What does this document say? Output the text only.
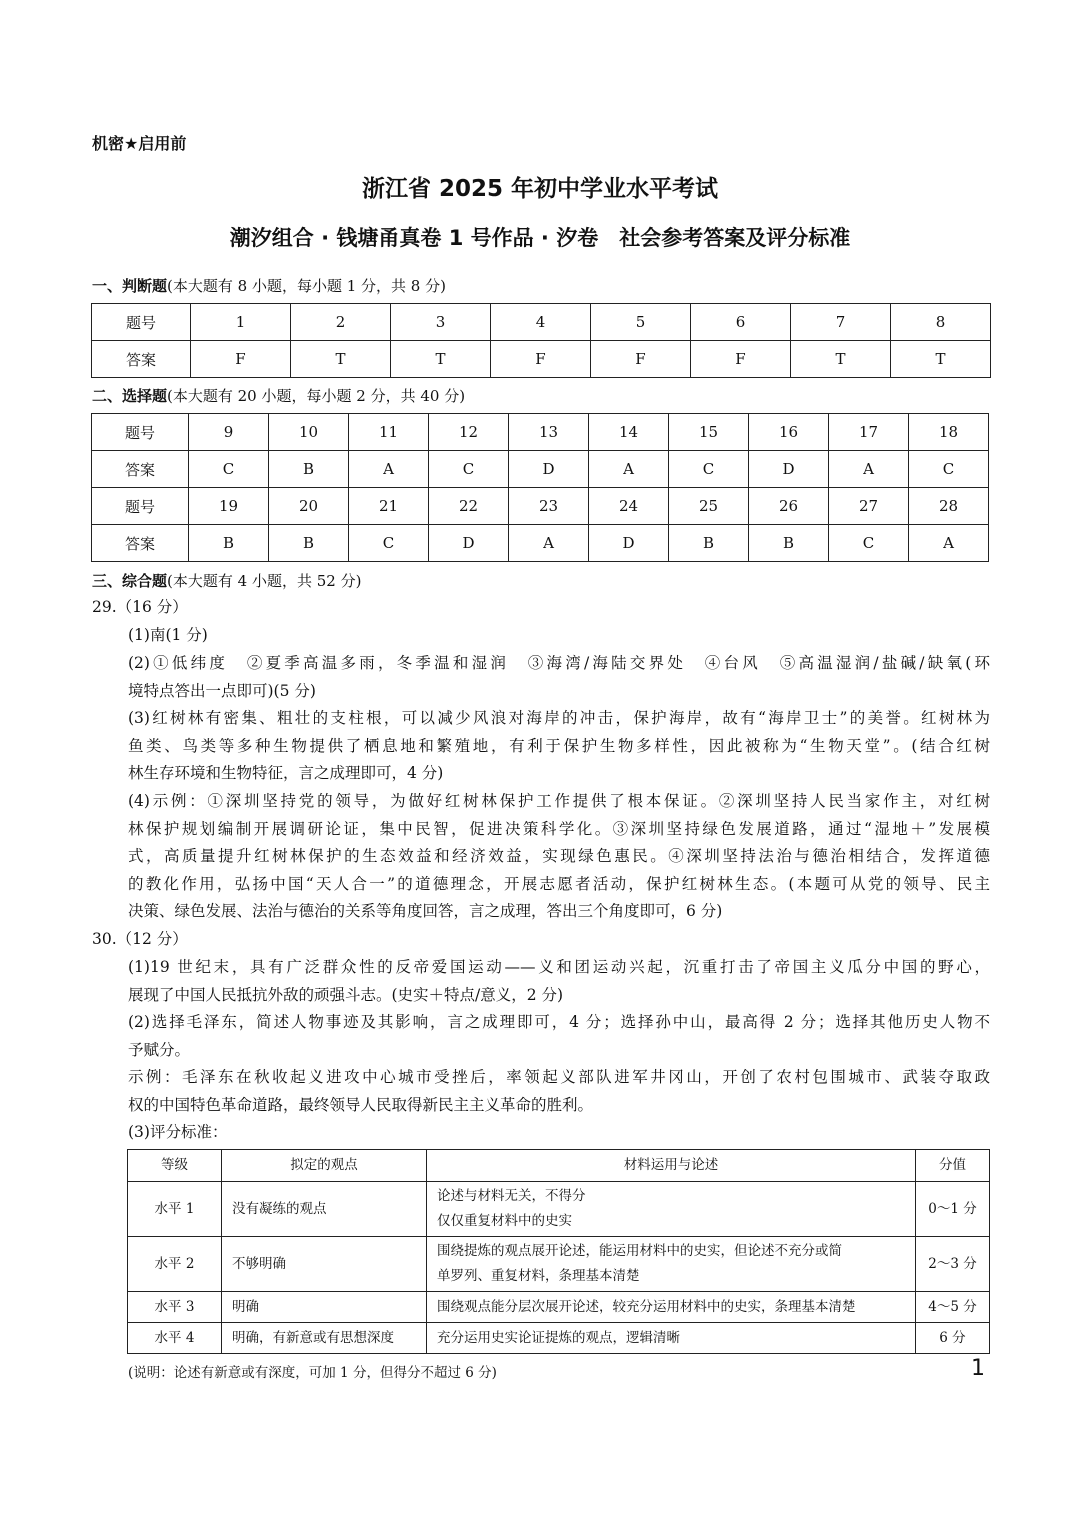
机密★启用前
浙江省 2025 年初中学业水平考试
潮汐组合 · 钱塘甬真卷 1 号作品 · 汐卷　社会参考答案及评分标准
一、判断题(本大题有 8 小题，每小题 1 分，共 8 分)
题号	1	2	3	4	5	6	7	8
答案	F	T	T	F	F	F	T	T
二、选择题(本大题有 20 小题，每小题 2 分，共 40 分)
题号	9	10	11	12	13	14	15	16	17	18
答案	C	B	A	C	D	A	C	D	A	C
题号	19	20	21	22	23	24	25	26	27	28
答案	B	B	C	D	A	D	B	B	C	A
三、综合题(本大题有 4 小题，共 52 分)
29.（16 分）
(1)南(1 分)
(2)①低纬度　②夏季高温多雨，冬季温和湿润　③海湾/海陆交界处　④台风　⑤高温湿润/盐碱/缺氧(环
境特点答出一点即可)(5 分)
(3)红树林有密集、粗壮的支柱根，可以减少风浪对海岸的冲击，保护海岸，故有“海岸卫士”的美誉。红树林为
鱼类、鸟类等多种生物提供了栖息地和繁殖地，有利于保护生物多样性，因此被称为“生物天堂”。(结合红树
林生存环境和生物特征，言之成理即可，4 分)
(4)示例：①深圳坚持党的领导，为做好红树林保护工作提供了根本保证。②深圳坚持人民当家作主，对红树
林保护规划编制开展调研论证，集中民智，促进决策科学化。③深圳坚持绿色发展道路，通过“湿地＋”发展模
式，高质量提升红树林保护的生态效益和经济效益，实现绿色惠民。④深圳坚持法治与德治相结合，发挥道德
的教化作用，弘扬中国“天人合一”的道德理念，开展志愿者活动，保护红树林生态。(本题可从党的领导、民主
决策、绿色发展、法治与德治的关系等角度回答，言之成理，答出三个角度即可，6 分)
30.（12 分）
(1)19 世纪末，具有广泛群众性的反帝爱国运动——义和团运动兴起，沉重打击了帝国主义瓜分中国的野心，
展现了中国人民抵抗外敌的顽强斗志。(史实＋特点/意义，2 分)
(2)选择毛泽东，简述人物事迹及其影响，言之成理即可，4 分；选择孙中山，最高得 2 分；选择其他历史人物不
予赋分。
示例：毛泽东在秋收起义进攻中心城市受挫后，率领起义部队进军井冈山，开创了农村包围城市、武装夺取政
权的中国特色革命道路，最终领导人民取得新民主主义革命的胜利。
(3)评分标准：
等级	拟定的观点	材料运用与论述	分值
水平 1	没有凝练的观点	论述与材料无关，不得分
仅仅重复材料中的史实	0～1 分
水平 2	不够明确	围绕提炼的观点展开论述，能运用材料中的史实，但论述不充分或简
单罗列、重复材料，条理基本清楚	2～3 分
水平 3	明确	围绕观点能分层次展开论述，较充分运用材料中的史实，条理基本清楚	4～5 分
水平 4	明确，有新意或有思想深度	充分运用史实论证提炼的观点，逻辑清晰	6 分
(说明：论述有新意或有深度，可加 1 分，但得分不超过 6 分)	1
